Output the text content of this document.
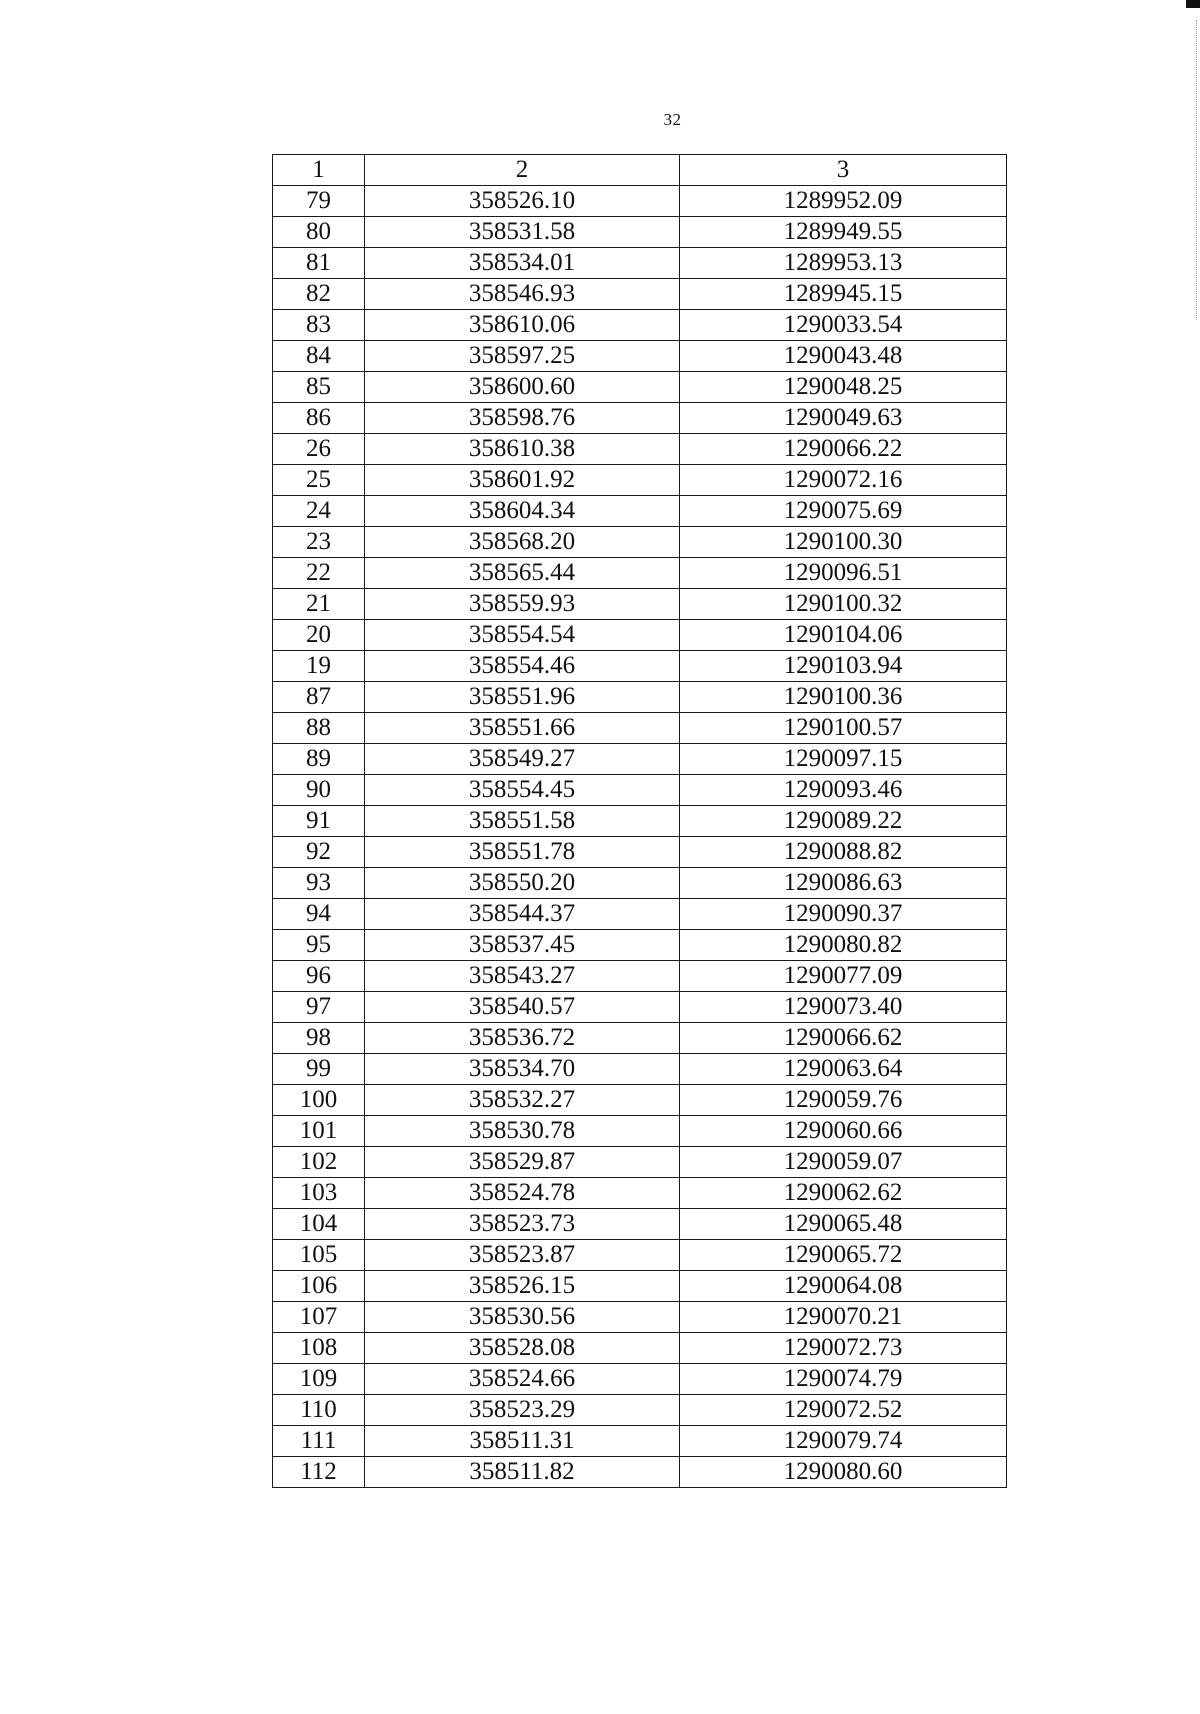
32
1	2	3
79	358526.10	1289952.09
80	358531.58	1289949.55
81	358534.01	1289953.13
82	358546.93	1289945.15
83	358610.06	1290033.54
84	358597.25	1290043.48
85	358600.60	1290048.25
86	358598.76	1290049.63
26	358610.38	1290066.22
25	358601.92	1290072.16
24	358604.34	1290075.69
23	358568.20	1290100.30
22	358565.44	1290096.51
21	358559.93	1290100.32
20	358554.54	1290104.06
19	358554.46	1290103.94
87	358551.96	1290100.36
88	358551.66	1290100.57
89	358549.27	1290097.15
90	358554.45	1290093.46
91	358551.58	1290089.22
92	358551.78	1290088.82
93	358550.20	1290086.63
94	358544.37	1290090.37
95	358537.45	1290080.82
96	358543.27	1290077.09
97	358540.57	1290073.40
98	358536.72	1290066.62
99	358534.70	1290063.64
100	358532.27	1290059.76
101	358530.78	1290060.66
102	358529.87	1290059.07
103	358524.78	1290062.62
104	358523.73	1290065.48
105	358523.87	1290065.72
106	358526.15	1290064.08
107	358530.56	1290070.21
108	358528.08	1290072.73
109	358524.66	1290074.79
110	358523.29	1290072.52
111	358511.31	1290079.74
112	358511.82	1290080.60
